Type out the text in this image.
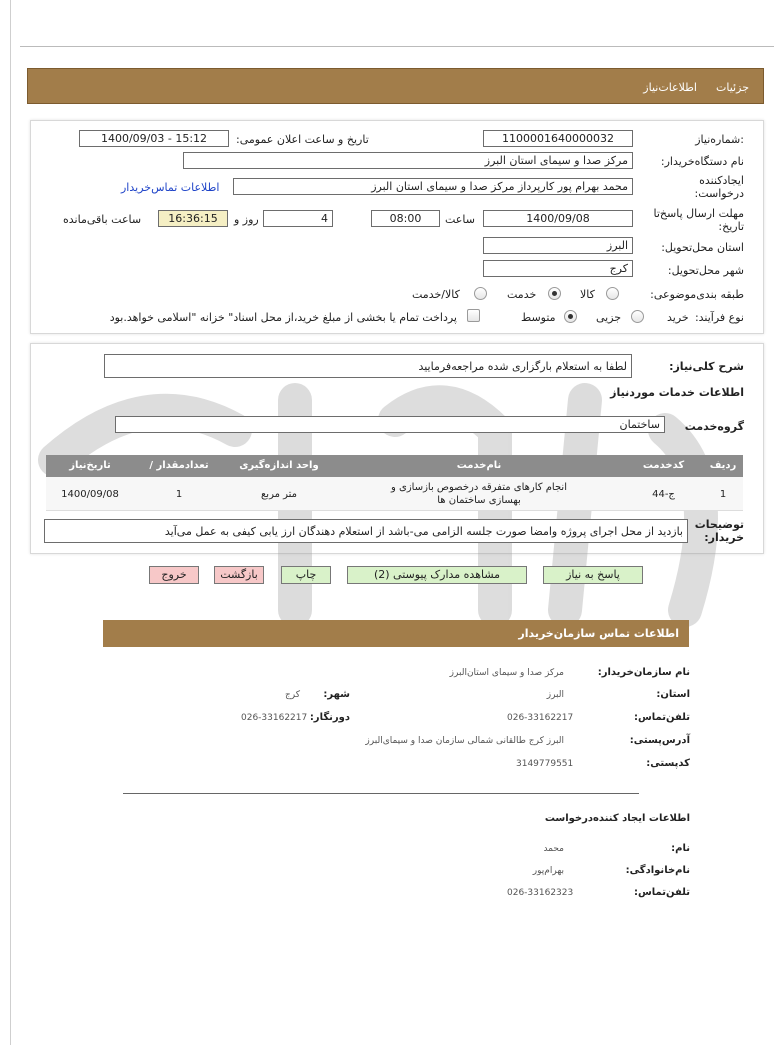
جزئیات
اطلاعات‌نیاز
شماره‌نیاز:
1100001640000032
تاریخ و ساعت اعلان عمومی:
1400/09/03 - 15:12
نام دستگاه‌خریدار:
مرکز صدا و سیمای استان البرز
ایجادکننده درخواست:
محمد بهرام پور کارپرداز مرکز صدا و سیمای استان البرز
اطلاعات تماس‌خریدار
مهلت ارسال پاسخ‌تا تاریخ:
1400/09/08
ساعت
08:00
4
روز و
16:36:15
ساعت باقی‌مانده
استان محل‌تحویل:
البرز
شهر محل‌تحویل:
کرج
طبقه بندی‌موضوعی:
کالا
خدمت
کالا/خدمت
نوع فرآیند:
خرید
جزیی
متوسط
پرداخت تمام یا بخشی از مبلغ خرید،از محل اسناد" خزانه "اسلامی خواهد.بود
شرح کلی‌نیاز:
لطفا به استعلام بارگزاری شده مراجعه‌فرمایید
اطلاعات خدمات موردنیاز
گروه‌خدمت
ساختمان
ردیف
کدخدمت
نام‌خدمت
واحد اندازه‌گیری
/ تعدادمقدار
تاریخ‌نیاز
1
ج-44
انجام کارهای متفرقه درخصوص بازسازی و
بهسازی ساختمان ها
متر مربع
1
1400/09/08
توضیحات خریدار:
بازدید از محل اجرای پروژه وامضا صورت جلسه الزامی می-باشد از استعلام دهندگان ارز یابی کیفی به عمل می‌آید
پاسخ به نیاز
مشاهده مدارک پیوستی (2)
چاپ
بازگشت
خروج
اطلاعات تماس سازمان‌خریدار
نام سازمان‌خریدار:
مرکز صدا و سیمای استان‌البرز
استان:
البرز
شهر:
کرج
تلفن‌تماس:
026-33162217
دورنگار:
026-33162217
آدرس‌پستی:
البرز کرج طالقانی شمالی سازمان صدا و سیمای‌البرز
کدپستی:
3149779551
اطلاعات ایجاد کننده‌درخواست
نام:
محمد
نام‌خانوادگی:
بهرام‌پور
تلفن‌تماس:
026-33162323
